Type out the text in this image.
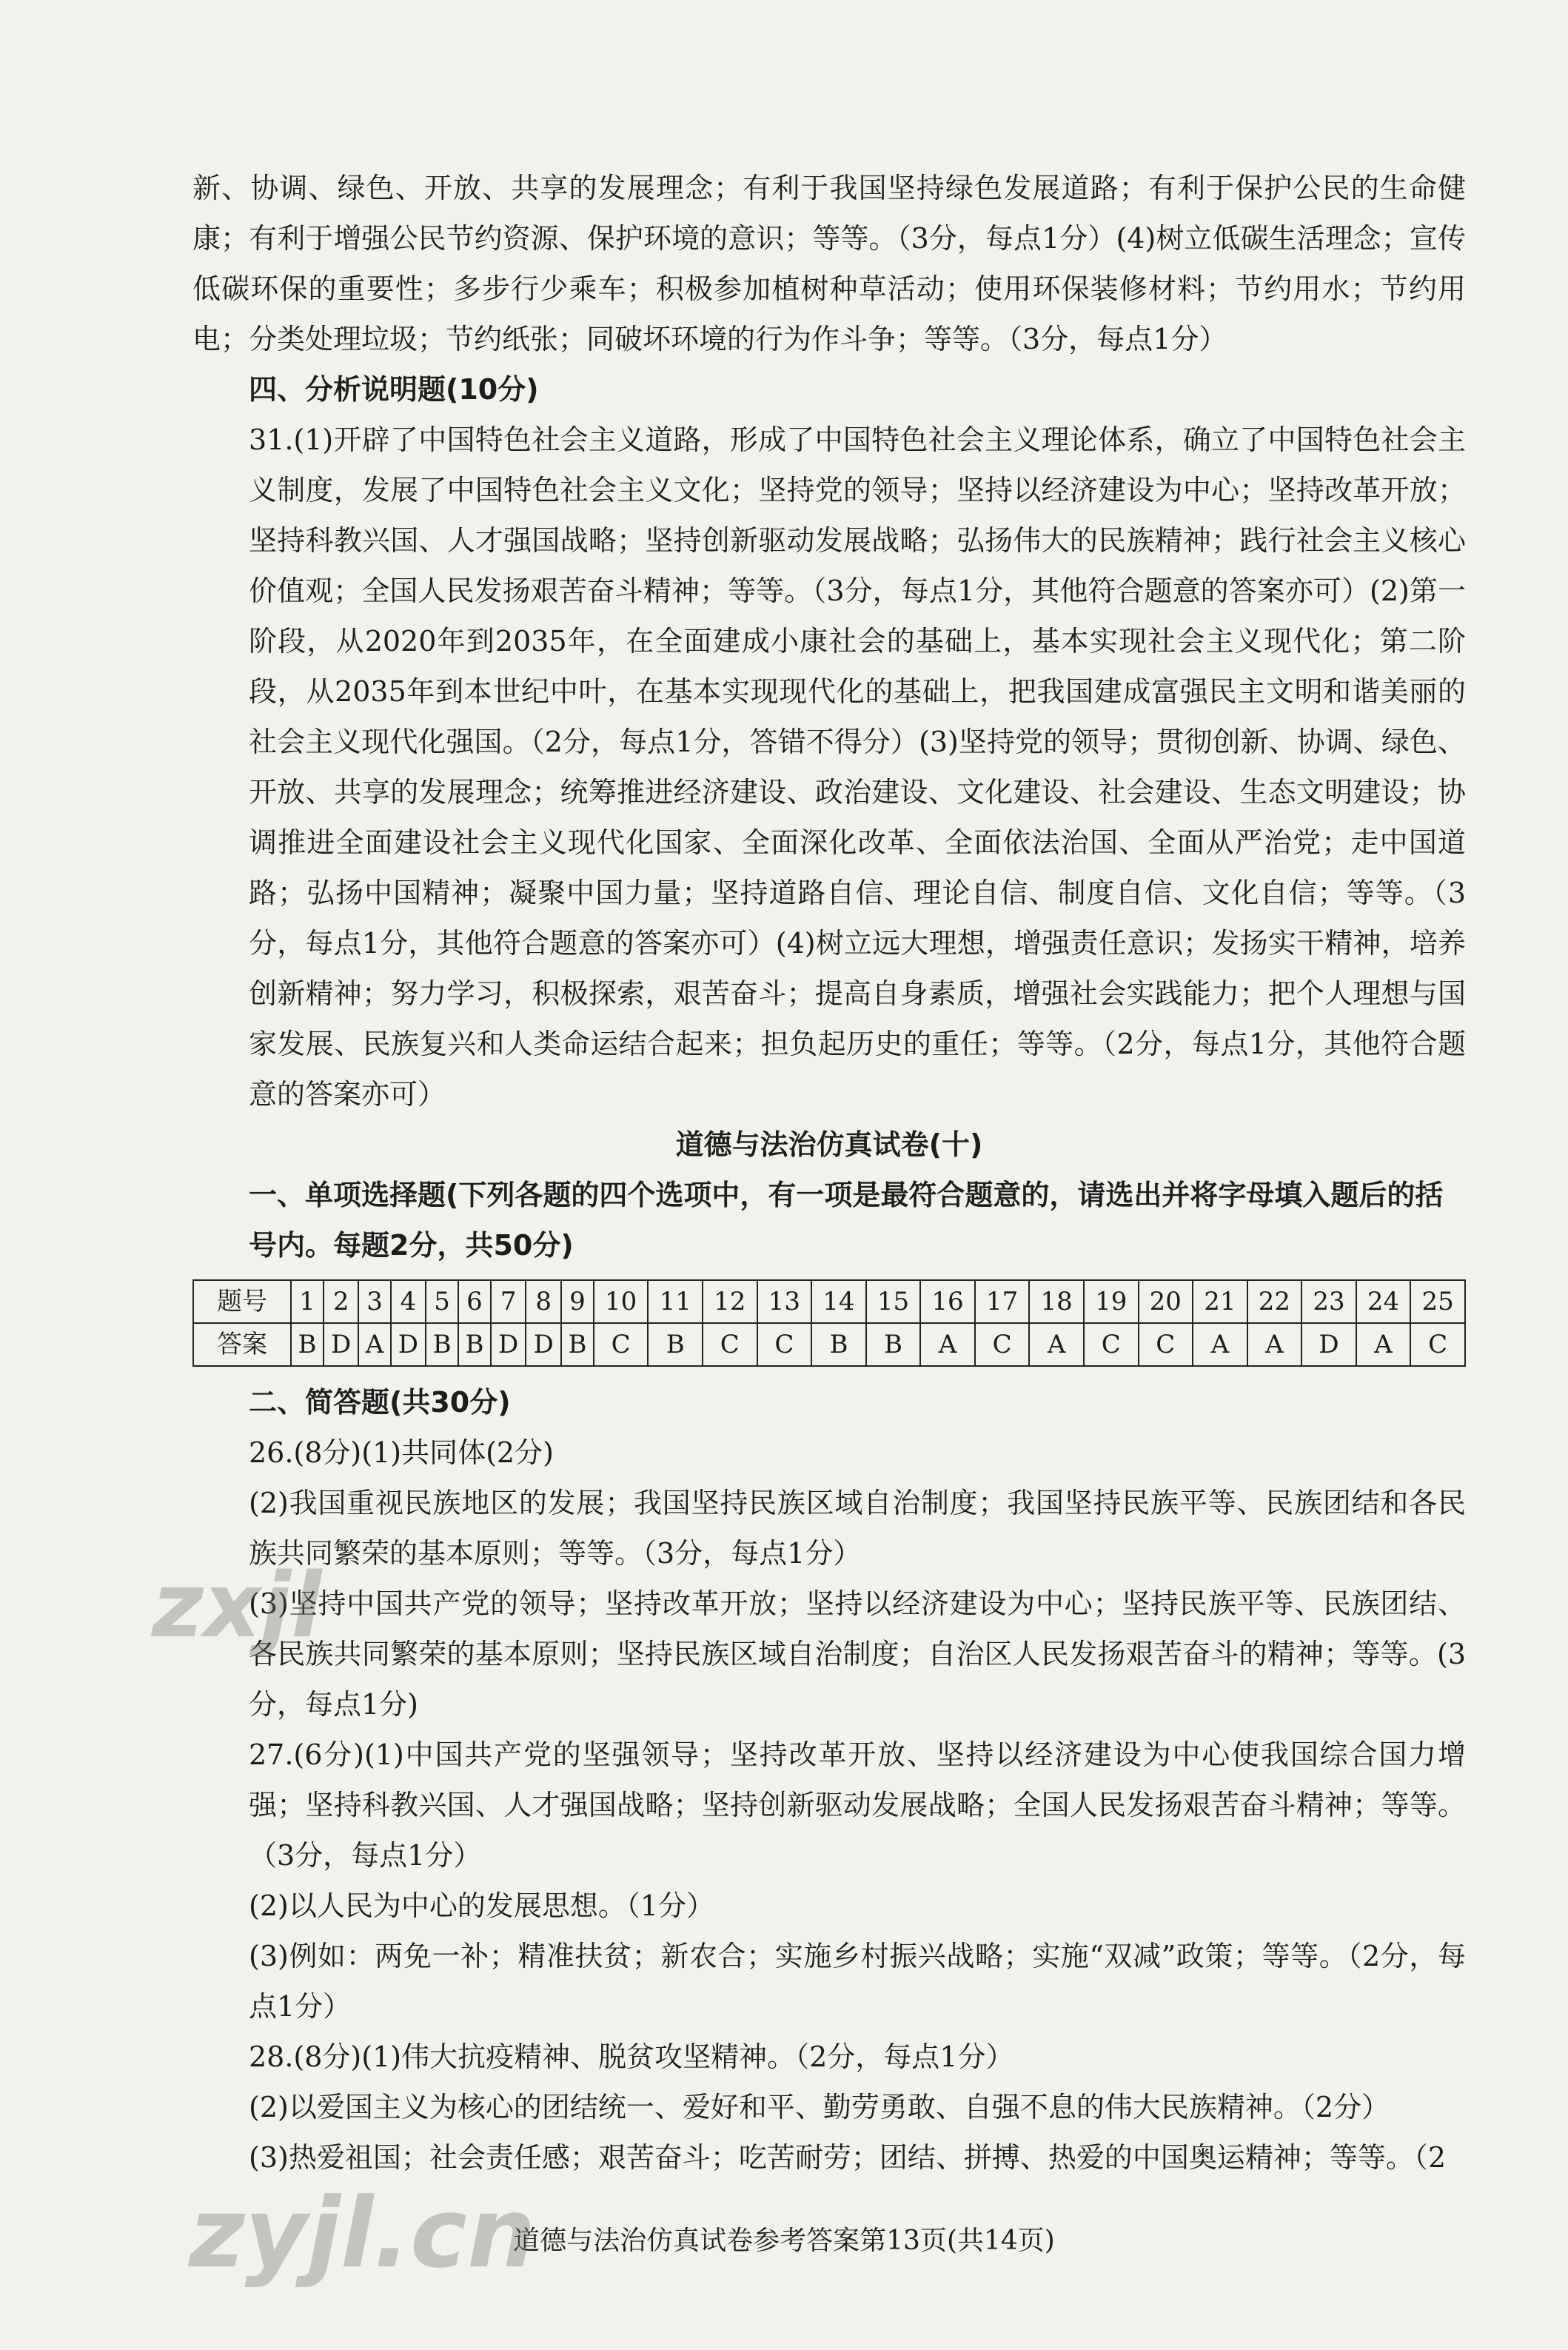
新、协调、绿色、开放、共享的发展理念；有利于我国坚持绿色发展道路；有利于保护公民的生命健康；有利于增强公民节约资源、保护环境的意识；等等。（3分，每点1分）(4)树立低碳生活理念；宣传低碳环保的重要性；多步行少乘车；积极参加植树种草活动；使用环保装修材料；节约用水；节约用电；分类处理垃圾；节约纸张；同破坏环境的行为作斗争；等等。（3分，每点1分）

四、分析说明题(10分)

31.(1)开辟了中国特色社会主义道路，形成了中国特色社会主义理论体系，确立了中国特色社会主义制度，发展了中国特色社会主义文化；坚持党的领导；坚持以经济建设为中心；坚持改革开放；坚持科教兴国、人才强国战略；坚持创新驱动发展战略；弘扬伟大的民族精神；践行社会主义核心价值观；全国人民发扬艰苦奋斗精神；等等。（3分，每点1分，其他符合题意的答案亦可）(2)第一阶段，从2020年到2035年，在全面建成小康社会的基础上，基本实现社会主义现代化；第二阶段，从2035年到本世纪中叶，在基本实现现代化的基础上，把我国建成富强民主文明和谐美丽的社会主义现代化强国。（2分，每点1分，答错不得分）(3)坚持党的领导；贯彻创新、协调、绿色、开放、共享的发展理念；统筹推进经济建设、政治建设、文化建设、社会建设、生态文明建设；协调推进全面建设社会主义现代化国家、全面深化改革、全面依法治国、全面从严治党；走中国道路；弘扬中国精神；凝聚中国力量；坚持道路自信、理论自信、制度自信、文化自信；等等。（3分，每点1分，其他符合题意的答案亦可）(4)树立远大理想，增强责任意识；发扬实干精神，培养创新精神；努力学习，积极探索，艰苦奋斗；提高自身素质，增强社会实践能力；把个人理想与国家发展、民族复兴和人类命运结合起来；担负起历史的重任；等等。（2分，每点1分，其他符合题意的答案亦可）

道德与法治仿真试卷(十)

一、单项选择题(下列各题的四个选项中，有一项是最符合题意的，请选出并将字母填入题后的括号内。每题2分，共50分)

题号	1	2	3	4	5	6	7	8	9	10	11	12	13	14	15	16	17	18	19	20	21	22	23	24	25
答案	B	D	A	D	B	B	D	D	B	C	B	C	C	B	B	A	C	A	C	C	A	A	D	A	C

二、简答题(共30分)

26.(8分)(1)共同体(2分)

(2)我国重视民族地区的发展；我国坚持民族区域自治制度；我国坚持民族平等、民族团结和各民族共同繁荣的基本原则；等等。（3分，每点1分）

(3)坚持中国共产党的领导；坚持改革开放；坚持以经济建设为中心；坚持民族平等、民族团结、各民族共同繁荣的基本原则；坚持民族区域自治制度；自治区人民发扬艰苦奋斗的精神；等等。(3分，每点1分)

27.(6分)(1)中国共产党的坚强领导；坚持改革开放、坚持以经济建设为中心使我国综合国力增强；坚持科教兴国、人才强国战略；坚持创新驱动发展战略；全国人民发扬艰苦奋斗精神；等等。（3分，每点1分）

(2)以人民为中心的发展思想。（1分）

(3)例如：两免一补；精准扶贫；新农合；实施乡村振兴战略；实施“双减”政策；等等。（2分，每点1分）

28.(8分)(1)伟大抗疫精神、脱贫攻坚精神。（2分，每点1分）

(2)以爱国主义为核心的团结统一、爱好和平、勤劳勇敢、自强不息的伟大民族精神。（2分）

(3)热爱祖国；社会责任感；艰苦奋斗；吃苦耐劳；团结、拼搏、热爱的中国奥运精神；等等。（2

道德与法治仿真试卷参考答案第13页(共14页)
zxjl
zyjl.cn
